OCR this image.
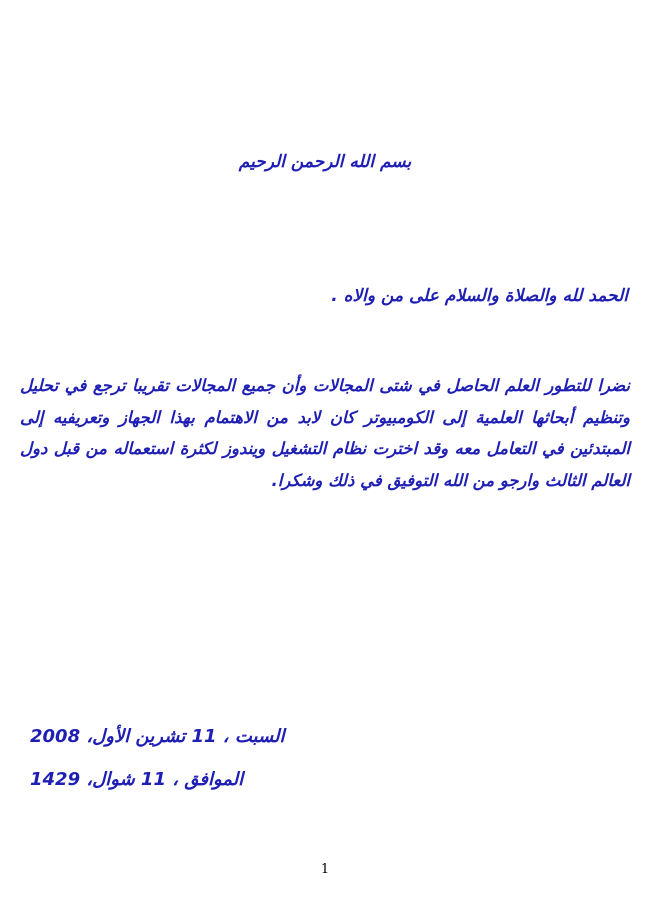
بسم الله الرحمن الرحيم
الحمد لله والصلاة والسلام على من والاه .
نضرا للتطور العلم الحاصل في شتى المجالات وأن جميع المجالات تقريبا ترجع في تحليل وتنظيم أبحاثها العلمية إلى الكومبيوتر كان لابد من الاهتمام بهذا الجهاز وتعريفيه إلى المبتدئين في التعامل معه وقد اخترت نظام التشغيل ويندوز لكثرة استعماله من قبل دول العالم الثالث وارجو من الله التوفيق في ذلك وشكرا.
السبت ، 11 تشرين الأول، 2008
الموافق ، 11 شوال، 1429
1
